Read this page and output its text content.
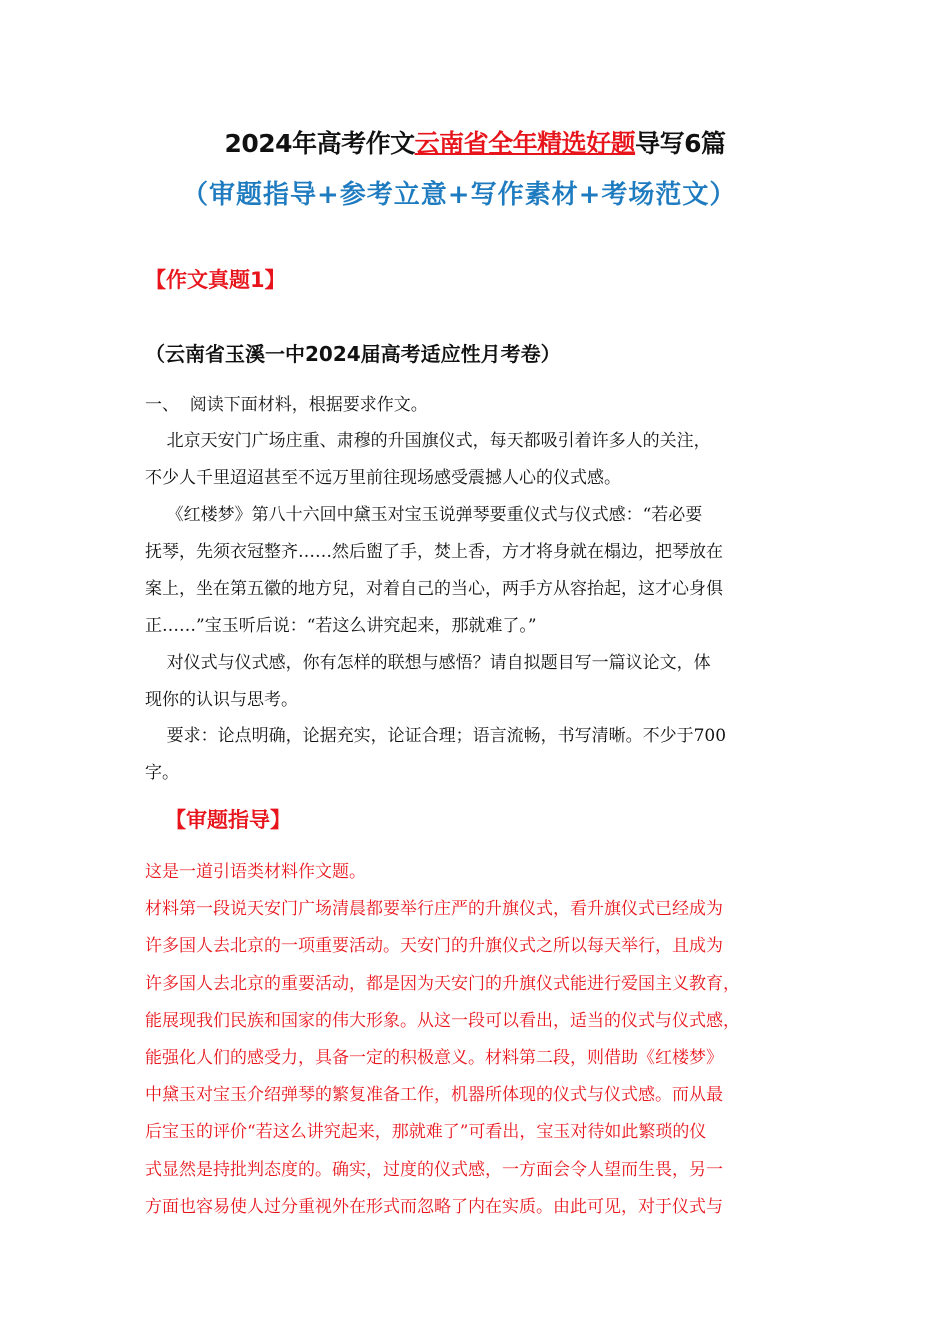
2024年高考作文云南省全年精选好题导写6篇
（审题指导+参考立意+写作素材+考场范文）
【作文真题1】
（云南省玉溪一中2024届高考适应性月考卷）
一、  阅读下面材料，根据要求作文。
北京天安门广场庄重、肃穆的升国旗仪式，每天都吸引着许多人的关注，
不少人千里迢迢甚至不远万里前往现场感受震撼人心的仪式感。
《红楼梦》第八十六回中黛玉对宝玉说弹琴要重仪式与仪式感：“若必要
抚琴，先须衣冠整齐……然后盥了手，焚上香，方才将身就在榻边，把琴放在
案上，坐在第五徽的地方兒，对着自己的当心，两手方从容抬起，这才心身俱
正……”宝玉听后说：“若这么讲究起来，那就难了。”
对仪式与仪式感，你有怎样的联想与感悟？请自拟题目写一篇议论文，体
现你的认识与思考。
要求：论点明确，论据充实，论证合理；语言流畅，书写清晰。不少于700
字。
【审题指导】
这是一道引语类材料作文题。
材料第一段说天安门广场清晨都要举行庄严的升旗仪式，看升旗仪式已经成为
许多国人去北京的一项重要活动。天安门的升旗仪式之所以每天举行，且成为
许多国人去北京的重要活动，都是因为天安门的升旗仪式能进行爱国主义教育，
能展现我们民族和国家的伟大形象。从这一段可以看出，适当的仪式与仪式感，
能强化人们的感受力，具备一定的积极意义。材料第二段，则借助《红楼梦》
中黛玉对宝玉介绍弹琴的繁复准备工作，机器所体现的仪式与仪式感。而从最
后宝玉的评价“若这么讲究起来，那就难了”可看出，宝玉对待如此繁琐的仪
式显然是持批判态度的。确实，过度的仪式感，一方面会令人望而生畏，另一
方面也容易使人过分重视外在形式而忽略了内在实质。由此可见，对于仪式与
